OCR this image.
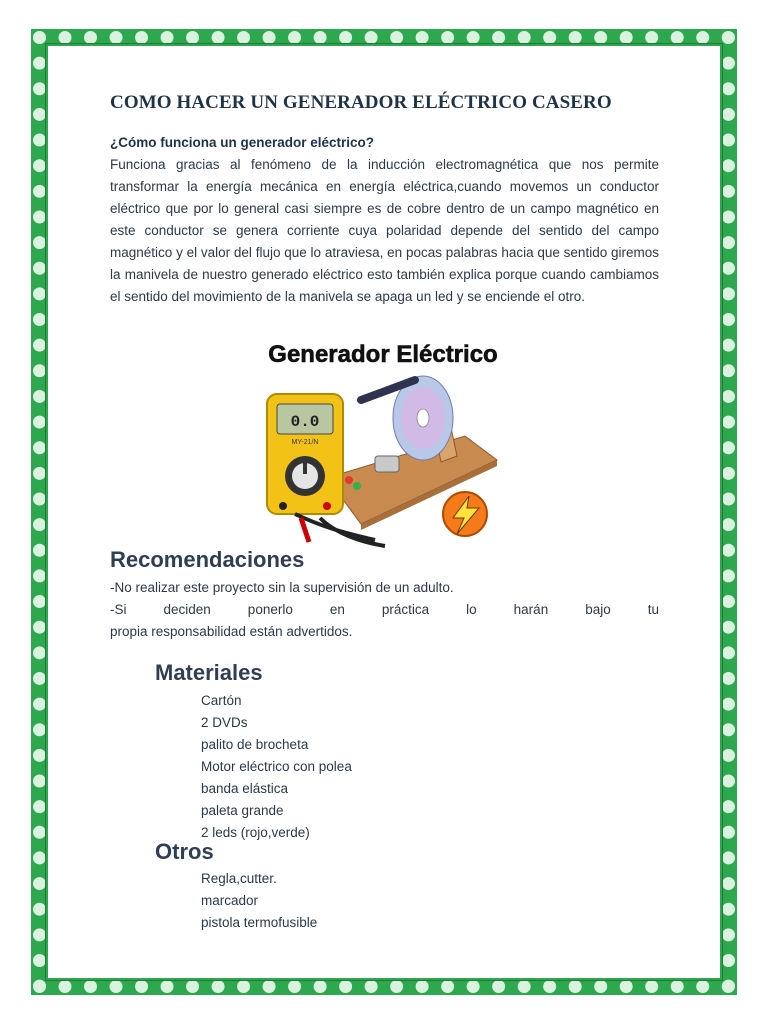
COMO HACER UN GENERADOR ELÉCTRICO CASERO

¿Cómo funciona un generador eléctrico?

Funciona gracias al fenómeno de la inducción electromagnética que nos permite transformar la energía mecánica en energía eléctrica,cuando movemos un conductor eléctrico que por lo general casi siempre es de cobre dentro de un campo magnético en este conductor se genera corriente cuya polaridad depende del sentido del campo magnético y el valor del flujo que lo atraviesa, en pocas palabras hacia que sentido giremos la manivela de nuestro generado eléctrico esto también explica porque cuando cambiamos el sentido del movimiento de la manivela se apaga un led y se enciende el otro.

Generador Eléctrico
0.0
MY-21/N
Recomendaciones

-No realizar este proyecto sin la supervisión de un adulto.

-Si deciden ponerlo en práctica lo harán bajo tu

propia responsabilidad están advertidos.

Materiales
Cartón
2 DVDs
palito de brocheta
Motor eléctrico con polea
banda elástica
paleta grande
2 leds (rojo,verde)
Otros
Regla,cutter.
marcador
pistola termofusible
